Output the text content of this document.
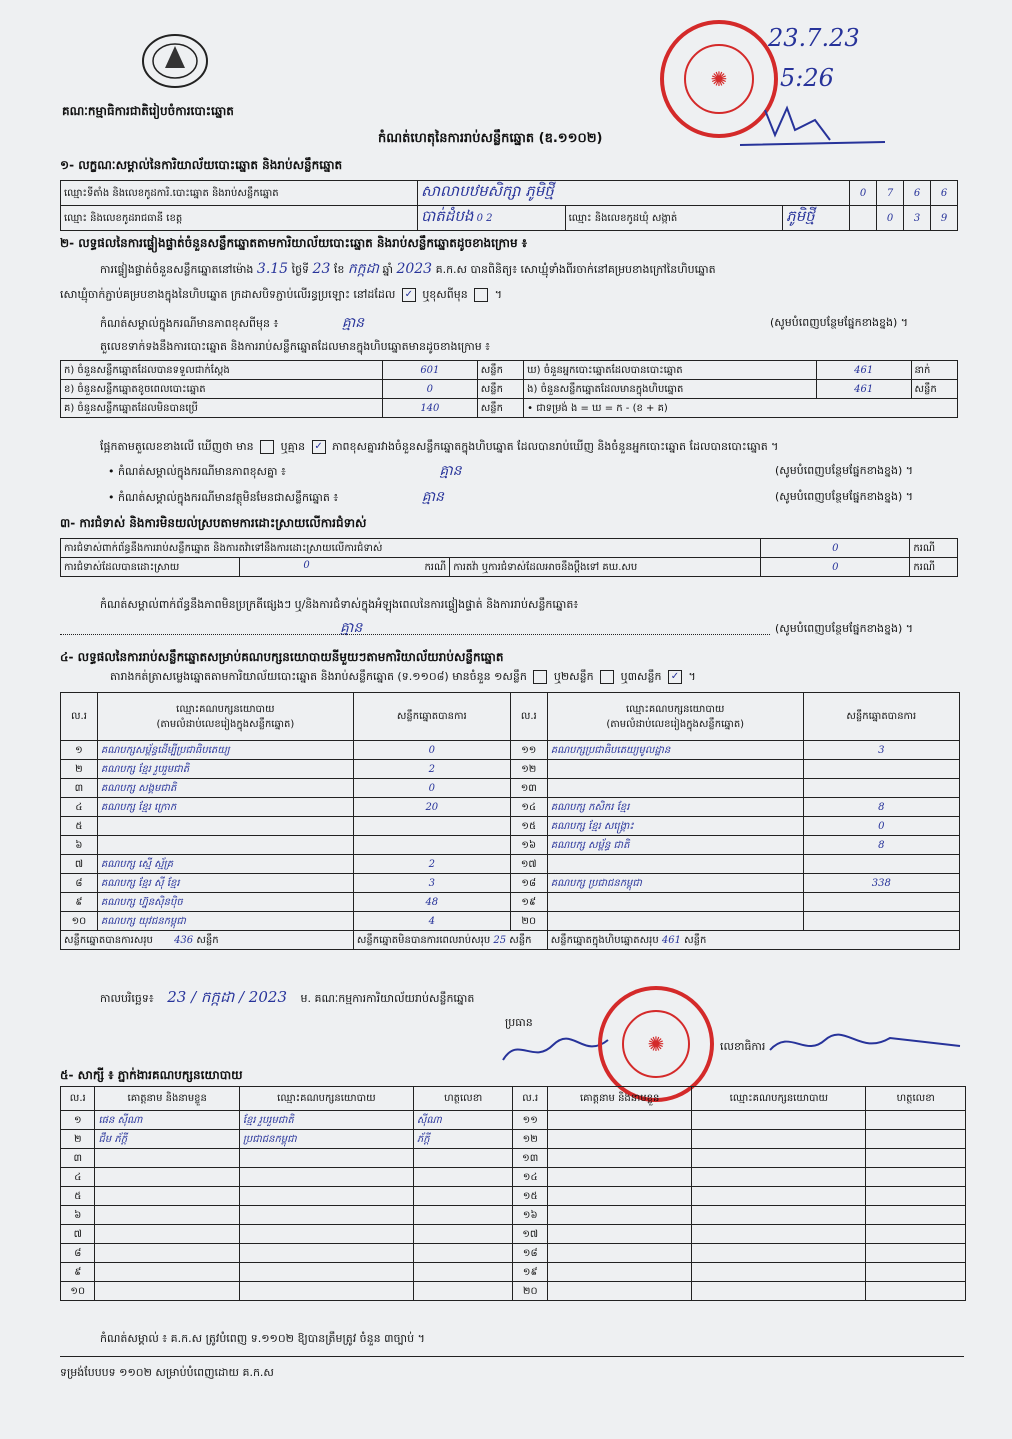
គណៈកម្មាធិការជាតិរៀបចំការបោះឆ្នោត
កំណត់ហេតុនៃការរាប់សន្លឹកឆ្នោត (ឌ.១១០២)
✺
23.7.23
5:26
១- លក្ខណៈសម្គាល់នៃការិយាល័យបោះឆ្នោត និងរាប់សន្លឹកឆ្នោត
ឈ្មោះទីតាំង និងលេខកូដការិ.បោះឆ្នោត និងរាប់សន្លឹកឆ្នោត	សាលាបឋមសិក្សា ភូមិថ្មី			0	7	6	6
ឈ្មោះ និងលេខកូដរាជធានី ខេត្ត	បាត់ដំបង 0 2	ឈ្មោះ និងលេខកូដឃុំ សង្កាត់	ភូមិថ្មី		0	3	9
២- លទ្ធផលនៃការផ្ទៀងផ្ទាត់ចំនួនសន្លឹកឆ្នោតតាមការិយាល័យបោះឆ្នោត និងរាប់សន្លឹកឆ្នោតដូចខាងក្រោម ៖
ការផ្ទៀងផ្ទាត់ចំនួនសន្លឹកឆ្នោតនៅម៉ោង 3.15 ថ្ងៃទី 23 ខែ កក្កដា ឆ្នាំ 2023 គ.ក.ស បានពិនិត្យ៖ សោឃ្មុំទាំងពីរចាក់នៅគម្របខាងក្រៅនៃហិបឆ្នោត
សោឃ្មុំចាក់ភ្ជាប់គម្របខាងក្នុងនៃហិបឆ្នោត ក្រដាសបិទភ្ជាប់លើរន្ធប្រឡោះ នៅដដែល ✓ ឬខុសពីមុន  ។
កំណត់សម្គាល់ក្នុងករណីមានភាពខុសពីមុន ៖	គ្មាន	(សូមបំពេញបន្ថែមផ្នែកខាងខ្នង) ។
តួលេខទាក់ទងនឹងការបោះឆ្នោត និងការរាប់សន្លឹកឆ្នោតដែលមានក្នុងហិបឆ្នោតមានដូចខាងក្រោម ៖
ក) ចំនួនសន្លឹកឆ្នោតដែលបានទទួលជាក់ស្តែង	601	សន្លឹក	ឃ) ចំនួនអ្នកបោះឆ្នោតដែលបានបោះឆ្នោត	461	នាក់
ខ) ចំនួនសន្លឹកឆ្នោតខូចពេលបោះឆ្នោត	0	សន្លឹក	ង) ចំនួនសន្លឹកឆ្នោតដែលមានក្នុងហិបឆ្នោត	461	សន្លឹក
គ) ចំនួនសន្លឹកឆ្នោតដែលមិនបានប្រើ	140	សន្លឹក	• ជាទម្រង់ ង = ឃ = ក - (ខ + គ)		
ផ្អែកតាមតួលេខខាងលើ ឃើញថា មាន ឬគ្មាន ✓ ភាពខុសគ្នារវាងចំនួនសន្លឹកឆ្នោតក្នុងហិបឆ្នោត ដែលបានរាប់ឃើញ និងចំនួនអ្នកបោះឆ្នោត ដែលបានបោះឆ្នោត ។
• កំណត់សម្គាល់ក្នុងករណីមានភាពខុសគ្នា ៖	គ្មាន	(សូមបំពេញបន្ថែមផ្នែកខាងខ្នង) ។
• កំណត់សម្គាល់ក្នុងករណីមានវត្ថុមិនមែនជាសន្លឹកឆ្នោត ៖	គ្មាន	(សូមបំពេញបន្ថែមផ្នែកខាងខ្នង) ។
៣- ការជំទាស់ និងការមិនយល់ស្របតាមការដោះស្រាយលើការជំទាស់
ការជំទាស់ពាក់ព័ន្ធនឹងការរាប់សន្លឹកឆ្នោត និងការតវ៉ាទៅនឹងការដោះស្រាយលើការជំទាស់			0	ករណី
ការជំទាស់ដែលបានដោះស្រាយ	0 ករណី	ការតវ៉ា ឬការជំទាស់ដែលអាចនឹងប្តឹងទៅ គឃ.សប	0	ករណី
កំណត់សម្គាល់ពាក់ព័ន្ធនឹងភាពមិនប្រក្រតីផ្សេងៗ ឬ/និងការជំទាស់ក្នុងអំឡុងពេលនៃការផ្ទៀងផ្ទាត់ និងការរាប់សន្លឹកឆ្នោត៖
គ្មាន	(សូមបំពេញបន្ថែមផ្នែកខាងខ្នង) ។
៤- លទ្ធផលនៃការរាប់សន្លឹកឆ្នោតសម្រាប់គណបក្សនយោបាយនីមួយៗតាមការិយាល័យរាប់សន្លឹកឆ្នោត
តារាងកត់ត្រាសម្លេងឆ្នោតតាមការិយាល័យបោះឆ្នោត និងរាប់សន្លឹកឆ្នោត (ទ.១១០៨) មានចំនួន ១សន្លឹក ឬ២សន្លឹក ឬ៣សន្លឹក ✓ ។
ល.រ	ឈ្មោះគណបក្សនយោបាយ
(តាមលំដាប់លេខរៀងក្នុងសន្លឹកឆ្នោត)	សន្លឹកឆ្នោតបានការ	ល.រ	ឈ្មោះគណបក្សនយោបាយ
(តាមលំដាប់លេខរៀងក្នុងសន្លឹកឆ្នោត)	សន្លឹកឆ្នោតបានការ
១	គណបក្សសម្ព័ន្ធដើម្បីប្រជាធិបតេយ្យ	0	១១	គណបក្សប្រជាធិបតេយ្យមូលដ្ឋាន	3
២	គណបក្ស ខ្មែរ រួបរួមជាតិ	2	១២		
៣	គណបក្ស សង្គមជាតិ	0	១៣		
៤	គណបក្ស ខ្មែរ ក្រោក	20	១៤	គណបក្ស កសិករ ខ្មែរ	8
៥			១៥	គណបក្ស ខ្មែរ សង្គ្រោះ	0
៦			១៦	គណបក្ស សម្ព័ន្ធ ជាតិ	8
៧	គណបក្ស ស្មើ ស្ម័គ្រ	2	១៧		
៨	គណបក្ស ខ្មែរ ស៊ី ខ្មែរ	3	១៨	គណបក្ស ប្រជាជនកម្ពុជា	338
៩	គណបក្ស ហ្វ៊ុនស៊ិនប៉ិច	48	១៩		
១០	គណបក្ស យុវជនកម្ពុជា	4	២០		
សន្លឹកឆ្នោតបានការសរុប 436 សន្លឹក		សន្លឹកឆ្នោតមិនបានការពេលរាប់សរុប 25 សន្លឹក		សន្លឹកឆ្នោតក្នុងហិបឆ្នោតសរុប 461 សន្លឹក	
កាលបរិច្ឆេទ៖ 23 / កក្កដា / 2023 ម. គណៈកម្មការការិយាល័យរាប់សន្លឹកឆ្នោត
ប្រធាន
លេខាធិការ
✺
៥- សាក្សី ៖ ភ្នាក់ងារគណបក្សនយោបាយ
ល.រ	គោត្តនាម និងនាមខ្លួន	ឈ្មោះគណបក្សនយោបាយ	ហត្ថលេខា	ល.រ	គោត្តនាម និងនាមខ្លួន	ឈ្មោះគណបក្សនយោបាយ	ហត្ថលេខា
១	ផេន ស៊ីណា	ខ្មែរ រួបរួមជាតិ	ស៊ីណា	១១			
២	ជឹម ភ័ក្តី	ប្រជាជនកម្ពុជា	ភ័ក្តី	១២			
៣				១៣			
៤				១៤			
៥				១៥			
៦				១៦			
៧				១៧			
៨				១៨			
៩				១៩			
១០				២០			
កំណត់សម្គាល់ ៖ គ.ក.ស ត្រូវបំពេញ ទ.១១០២ ឱ្យបានត្រឹមត្រូវ ចំនួន ៣ច្បាប់ ។
ទម្រង់បែបបទ ១១០២ សម្រាប់បំពេញដោយ គ.ក.ស
